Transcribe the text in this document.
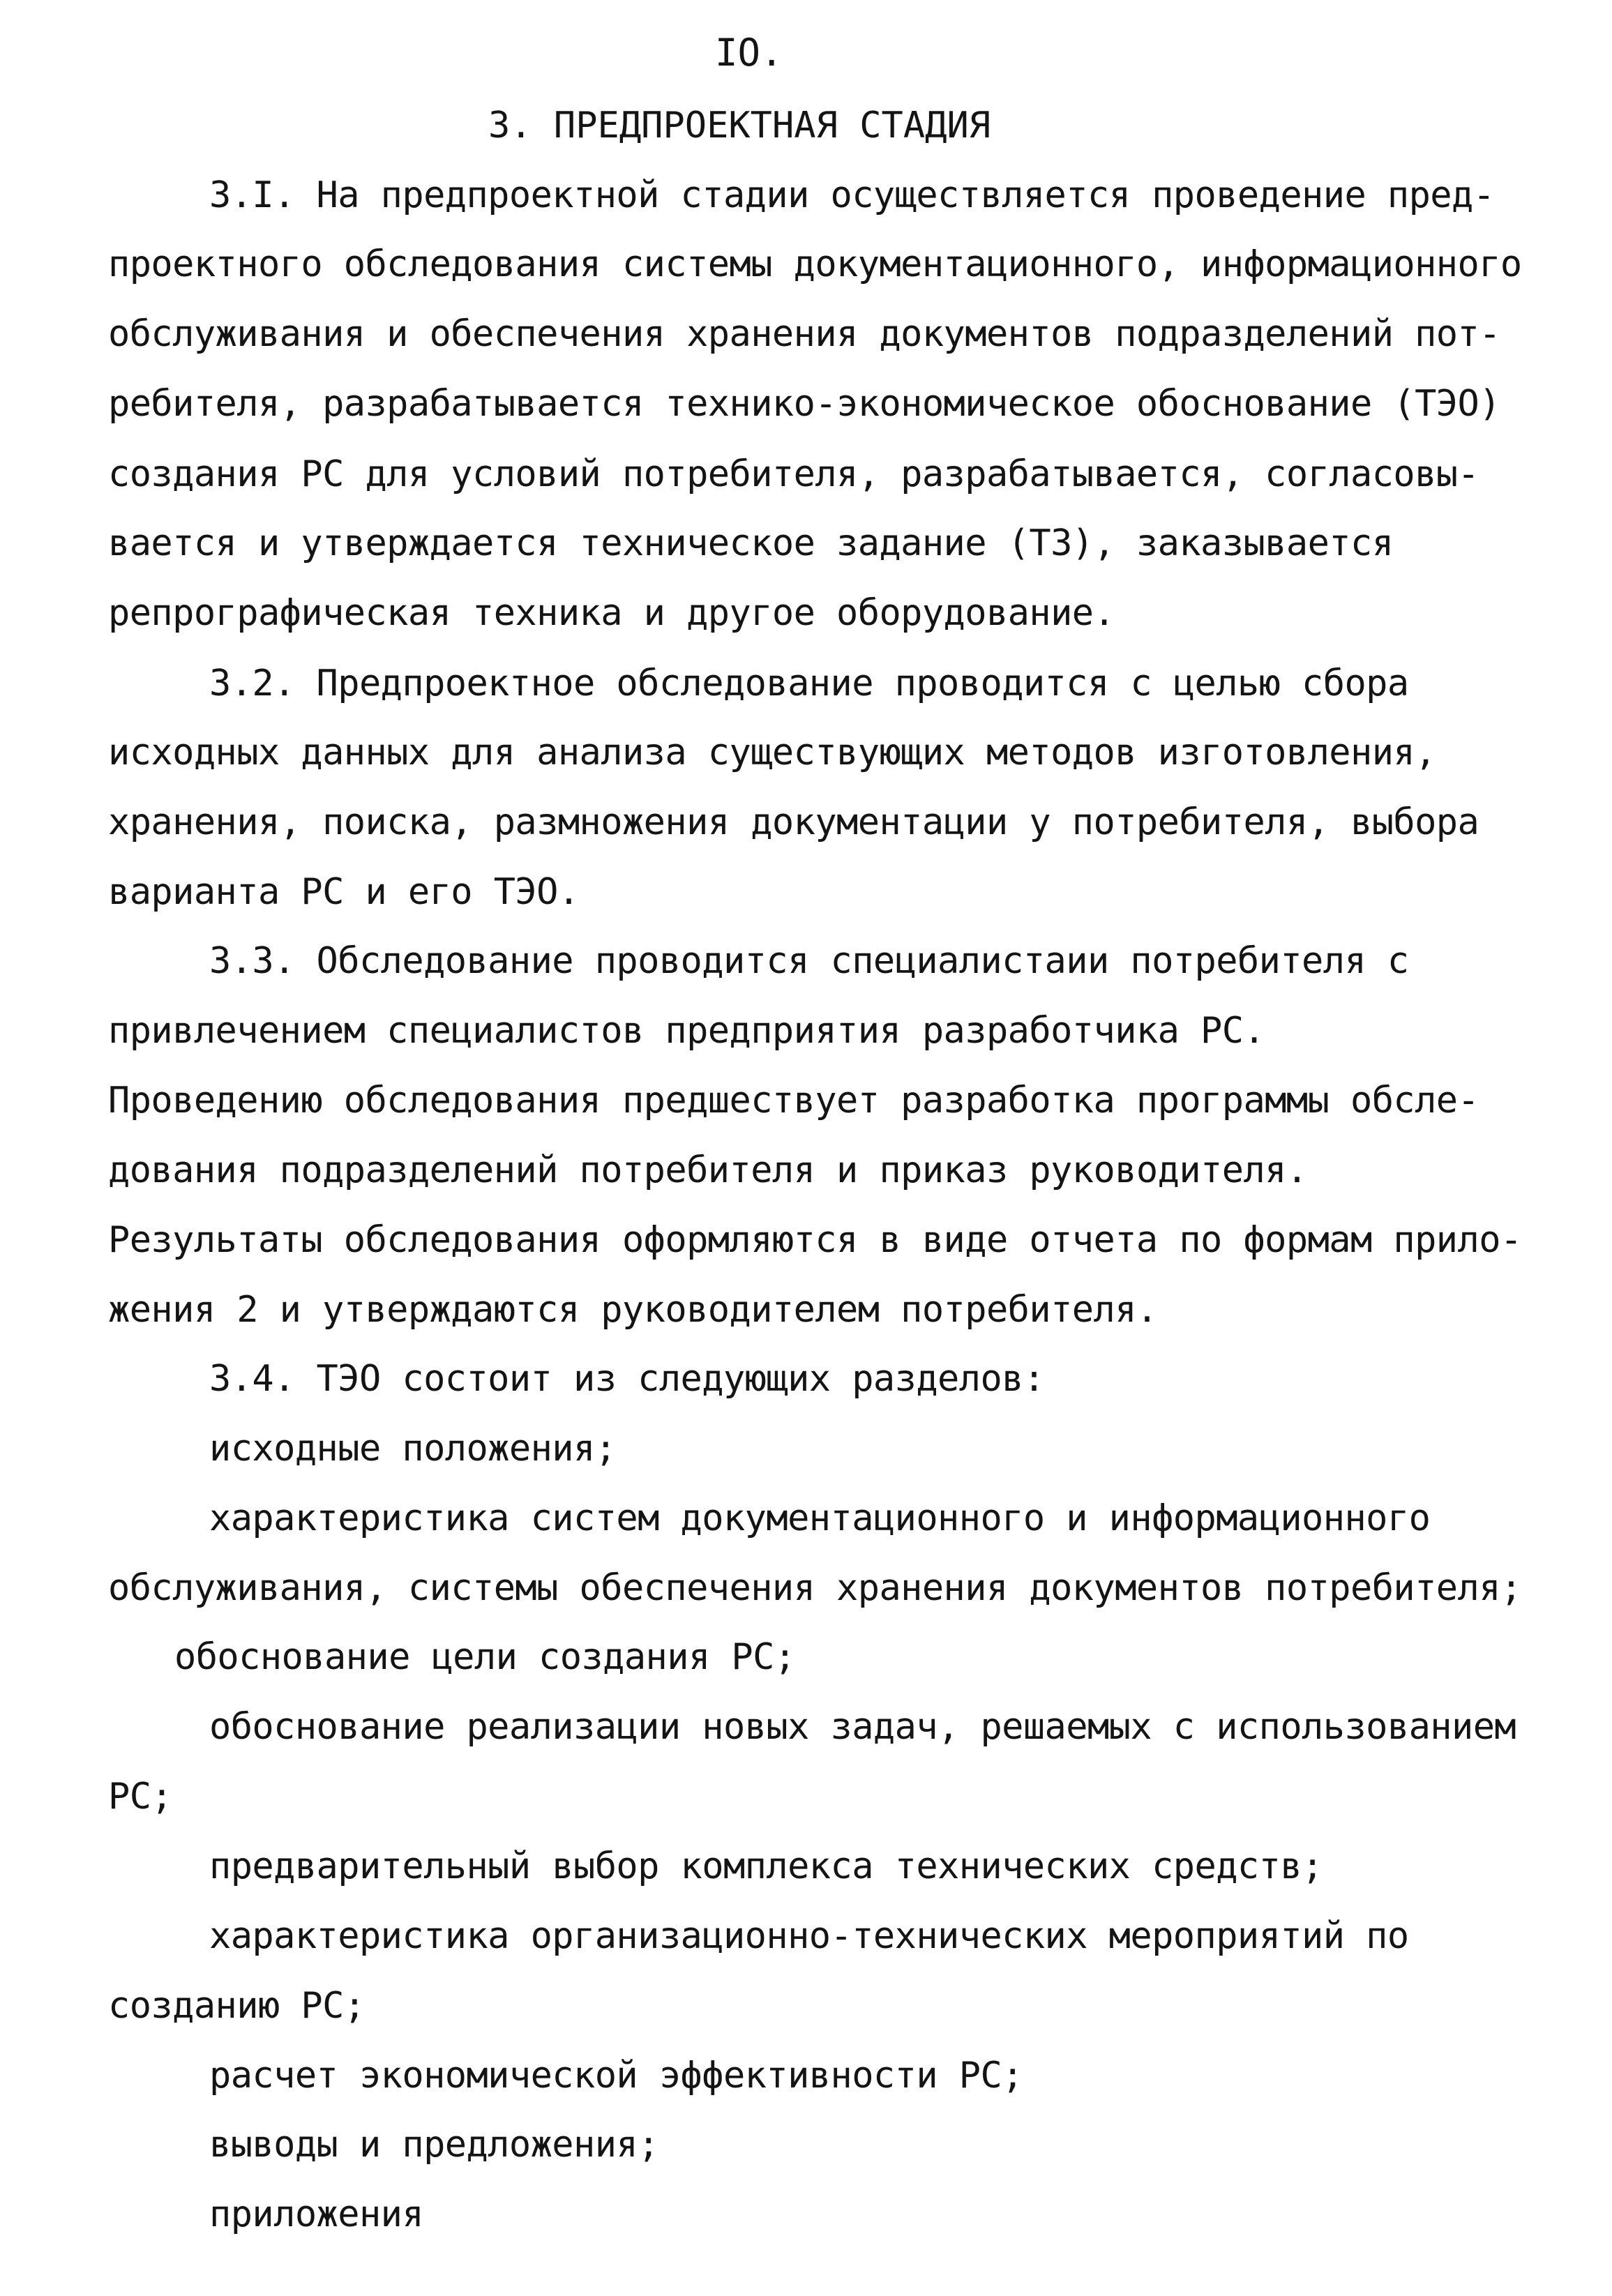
IO.
3. ПРЕДПРОЕКТНАЯ СТАДИЯ
3.I. На предпроектной стадии осуществляется проведение пред-
проектного обследования системы документационного, информационного
обслуживания и обеспечения хранения документов подразделений пот-
ребителя, разрабатывается технико-экономическое обоснование (ТЭО)
создания РС для условий потребителя, разрабатывается, согласовы-
вается и утверждается техническое задание (ТЗ), заказывается
репрографическая техника и другое оборудование.
3.2. Предпроектное обследование проводится с целью сбора
исходных данных для анализа существующих методов изготовления,
хранения, поиска, размножения документации у потребителя, выбора
варианта РС и его ТЭО.
3.3. Обследование проводится специалистаии потребителя с
привлечением специалистов предприятия разработчика РС.
Проведению обследования предшествует разработка программы обсле-
дования подразделений потребителя и приказ руководителя.
Результаты обследования оформляются в виде отчета по формам прило-
жения 2 и утверждаются руководителем потребителя.
3.4. ТЭО состоит из следующих разделов:
исходные положения;
характеристика систем документационного и информационного
обслуживания, системы обеспечения хранения документов потребителя;
обоснование цели создания РС;
обоснование реализации новых задач, решаемых с использованием
РС;
предварительный выбор комплекса технических средств;
характеристика организационно-технических мероприятий по
созданию РС;
расчет экономической эффективности РС;
выводы и предложения;
приложения
